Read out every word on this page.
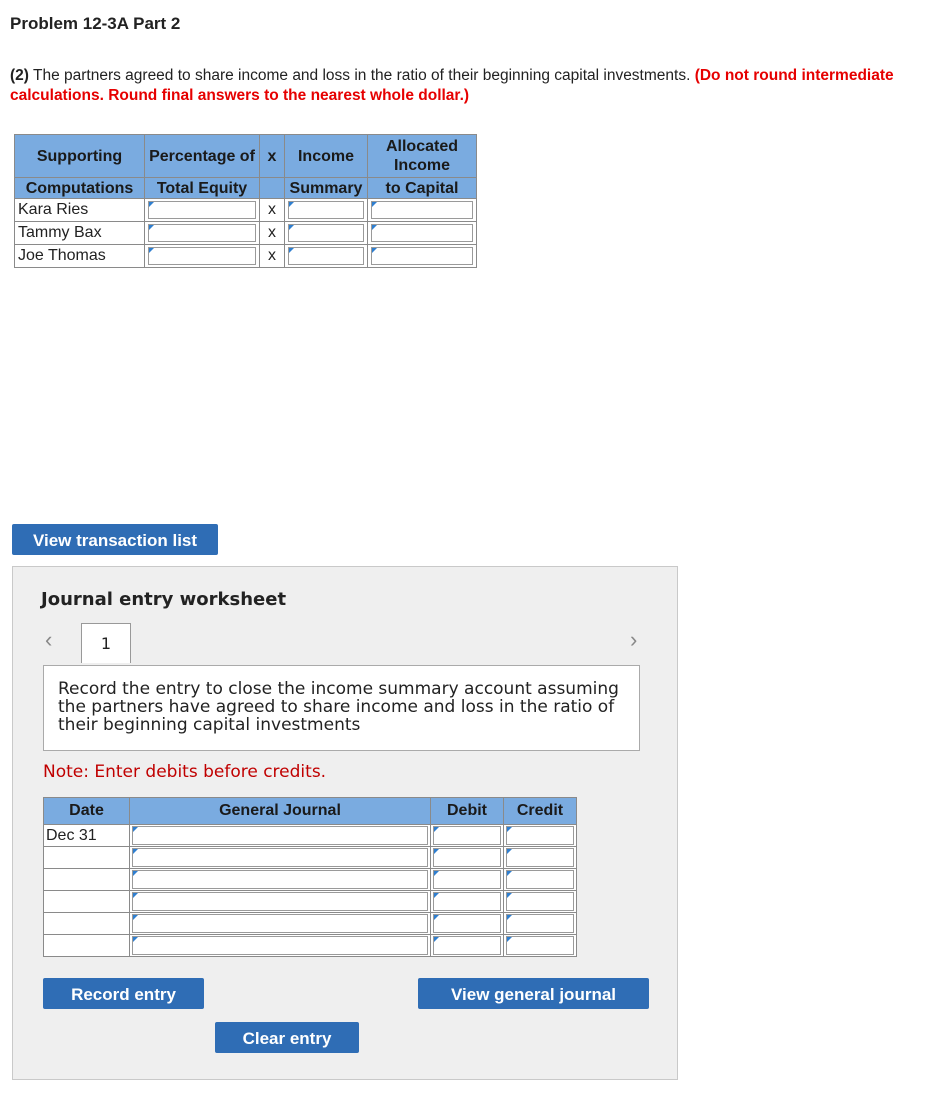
Problem 12-3A Part 2
(2) The partners agreed to share income and loss in the ratio of their beginning capital investments. (Do not round intermediate calculations. Round final answers to the nearest whole dollar.)
Supporting	Percentage of	x	Income	Allocated Income
Computations	Total Equity		Summary	to Capital
Kara Ries		x	

Tammy Bax		x	

Joe Thomas		x	

View transaction list
Journal entry worksheet
‹	1	›
Record the entry to close the income summary account assuming the partners have agreed to share income and loss in the ratio of their beginning capital investments
Note: Enter debits before credits.
Date	General Journal	Debit	Credit
Dec 31	

Record entry	View general journal
Clear entry
